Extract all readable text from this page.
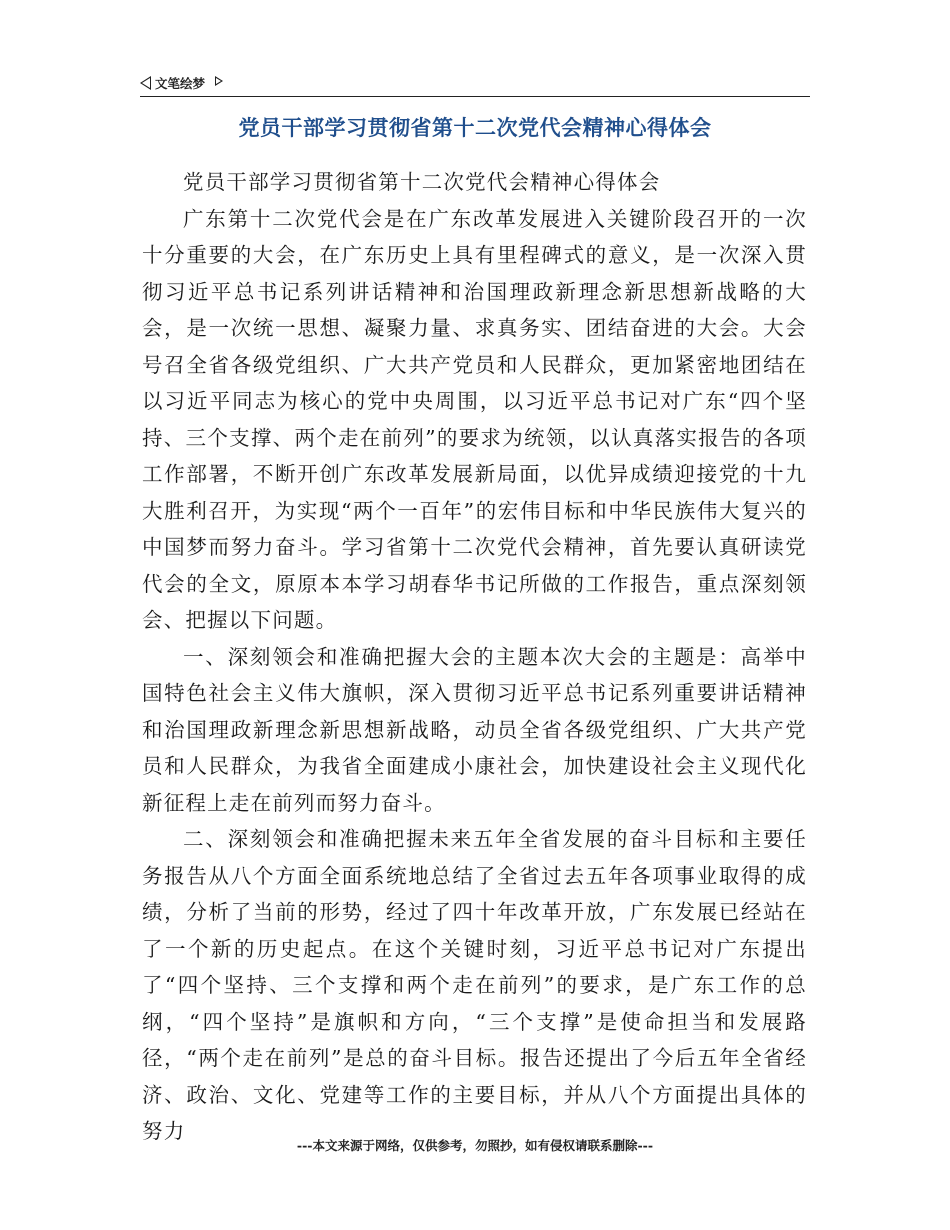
文笔绘梦
党员干部学习贯彻省第十二次党代会精神心得体会

党员干部学习贯彻省第十二次党代会精神心得体会

广东第十二次党代会是在广东改革发展进入关键阶段召开的一次十分重要的大会，在广东历史上具有里程碑式的意义，是一次深入贯彻习近平总书记系列讲话精神和治国理政新理念新思想新战略的大会，是一次统一思想、凝聚力量、求真务实、团结奋进的大会。大会号召全省各级党组织、广大共产党员和人民群众，更加紧密地团结在以习近平同志为核心的党中央周围，以习近平总书记对广东“四个坚持、三个支撑、两个走在前列”的要求为统领，以认真落实报告的各项工作部署，不断开创广东改革发展新局面，以优异成绩迎接党的十九大胜利召开，为实现“两个一百年”的宏伟目标和中华民族伟大复兴的中国梦而努力奋斗。学习省第十二次党代会精神，首先要认真研读党代会的全文，原原本本学习胡春华书记所做的工作报告，重点深刻领会、把握以下问题。

一、深刻领会和准确把握大会的主题本次大会的主题是：高举中国特色社会主义伟大旗帜，深入贯彻习近平总书记系列重要讲话精神和治国理政新理念新思想新战略，动员全省各级党组织、广大共产党员和人民群众，为我省全面建成小康社会，加快建设社会主义现代化新征程上走在前列而努力奋斗。

二、深刻领会和准确把握未来五年全省发展的奋斗目标和主要任务报告从八个方面全面系统地总结了全省过去五年各项事业取得的成绩，分析了当前的形势，经过了四十年改革开放，广东发展已经站在了一个新的历史起点。在这个关键时刻，习近平总书记对广东提出了“四个坚持、三个支撑和两个走在前列”的要求，是广东工作的总纲，“四个坚持”是旗帜和方向，“三个支撑”是使命担当和发展路径，“两个走在前列”是总的奋斗目标。报告还提出了今后五年全省经济、政治、文化、党建等工作的主要目标，并从八个方面提出具体的努力

---本文来源于网络，仅供参考，勿照抄，如有侵权请联系删除---
